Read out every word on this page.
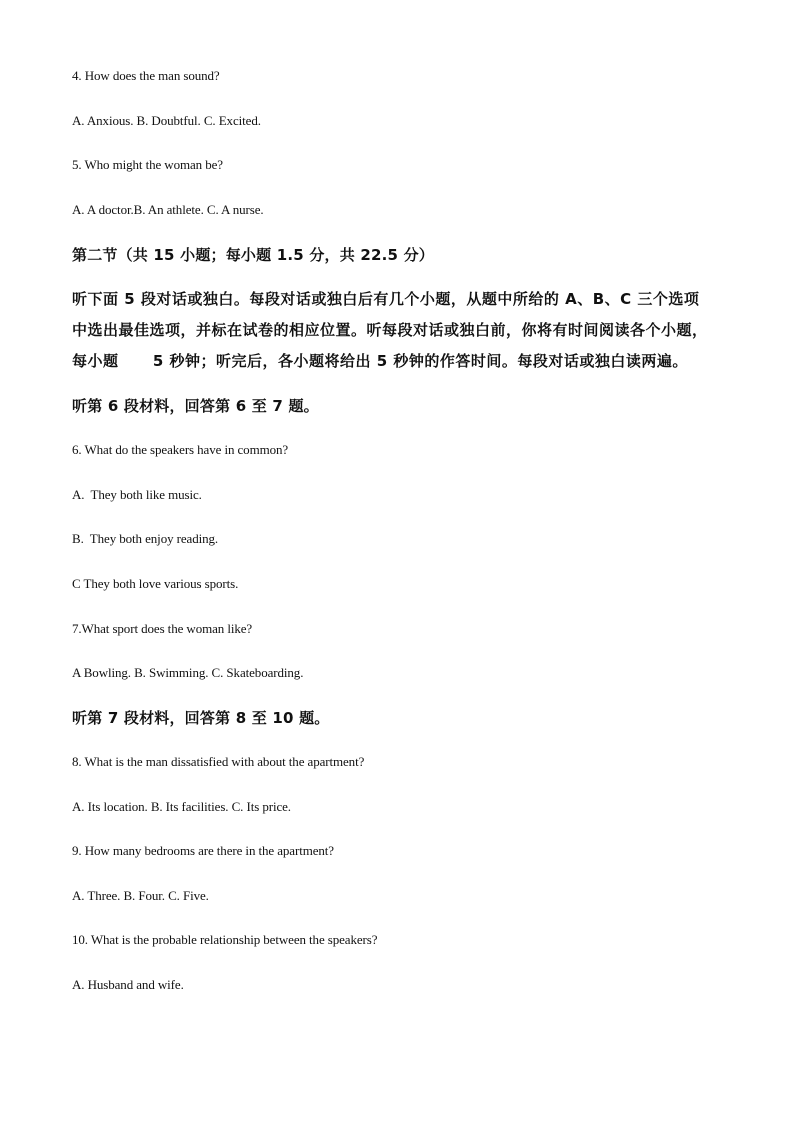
4. How does the man sound?
A. Anxious. B. Doubtful. C. Excited.
5. Who might the woman be?
A. A doctor.B. An athlete. C. A nurse.
第二节（共 15 小题；每小题 1.5 分，共 22.5 分）
听下面 5 段对话或独白。每段对话或独白后有几个小题，从题中所给的 A、B、C 三个选项
中选出最佳选项，并标在试卷的相应位置。听每段对话或独白前，你将有时间阅读各个小题，
每小题      5 秒钟；听完后，各小题将给出 5 秒钟的作答时间。每段对话或独白读两遍。
听第 6 段材料，回答第 6 至 7 题。
6. What do the speakers have in common?
A.  They both like music.
B.  They both enjoy reading.
C They both love various sports.
7.What sport does the woman like?
A Bowling. B. Swimming. C. Skateboarding.
听第 7 段材料，回答第 8 至 10 题。
8. What is the man dissatisfied with about the apartment?
A. Its location. B. Its facilities. C. Its price.
9. How many bedrooms are there in the apartment?
A. Three. B. Four. C. Five.
10. What is the probable relationship between the speakers?
A. Husband and wife.
